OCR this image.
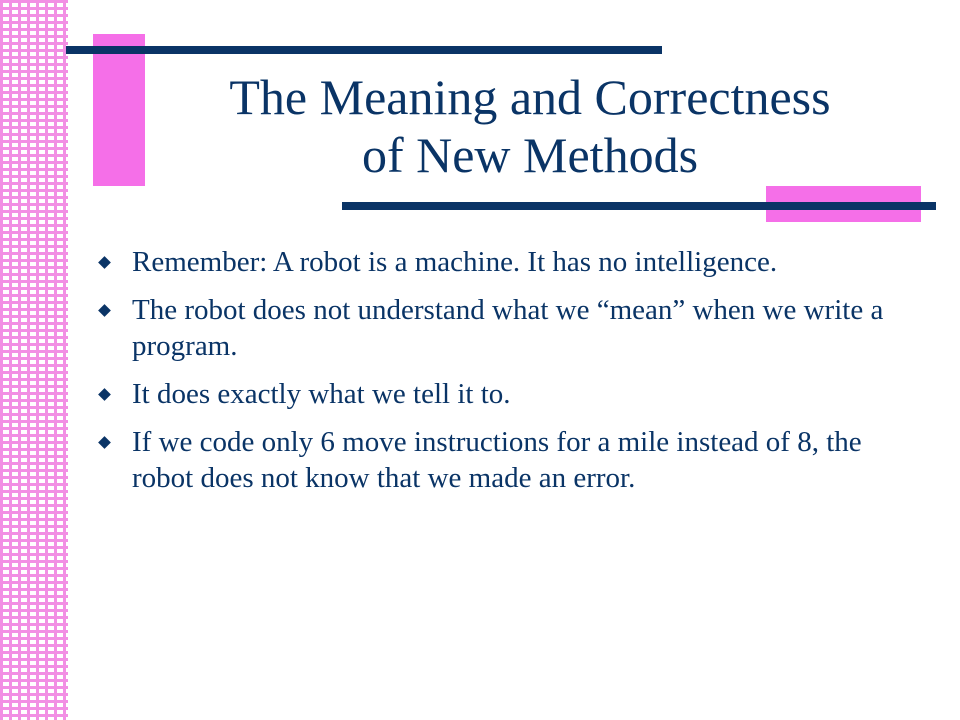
The Meaning and Correctness
of New Methods
Remember: A robot is a machine. It has no intelligence.
The robot does not understand what we “mean” when we write a program.
It does exactly what we tell it to.
If we code only 6 move instructions for a mile instead of 8, the robot does not know that we made an error.
